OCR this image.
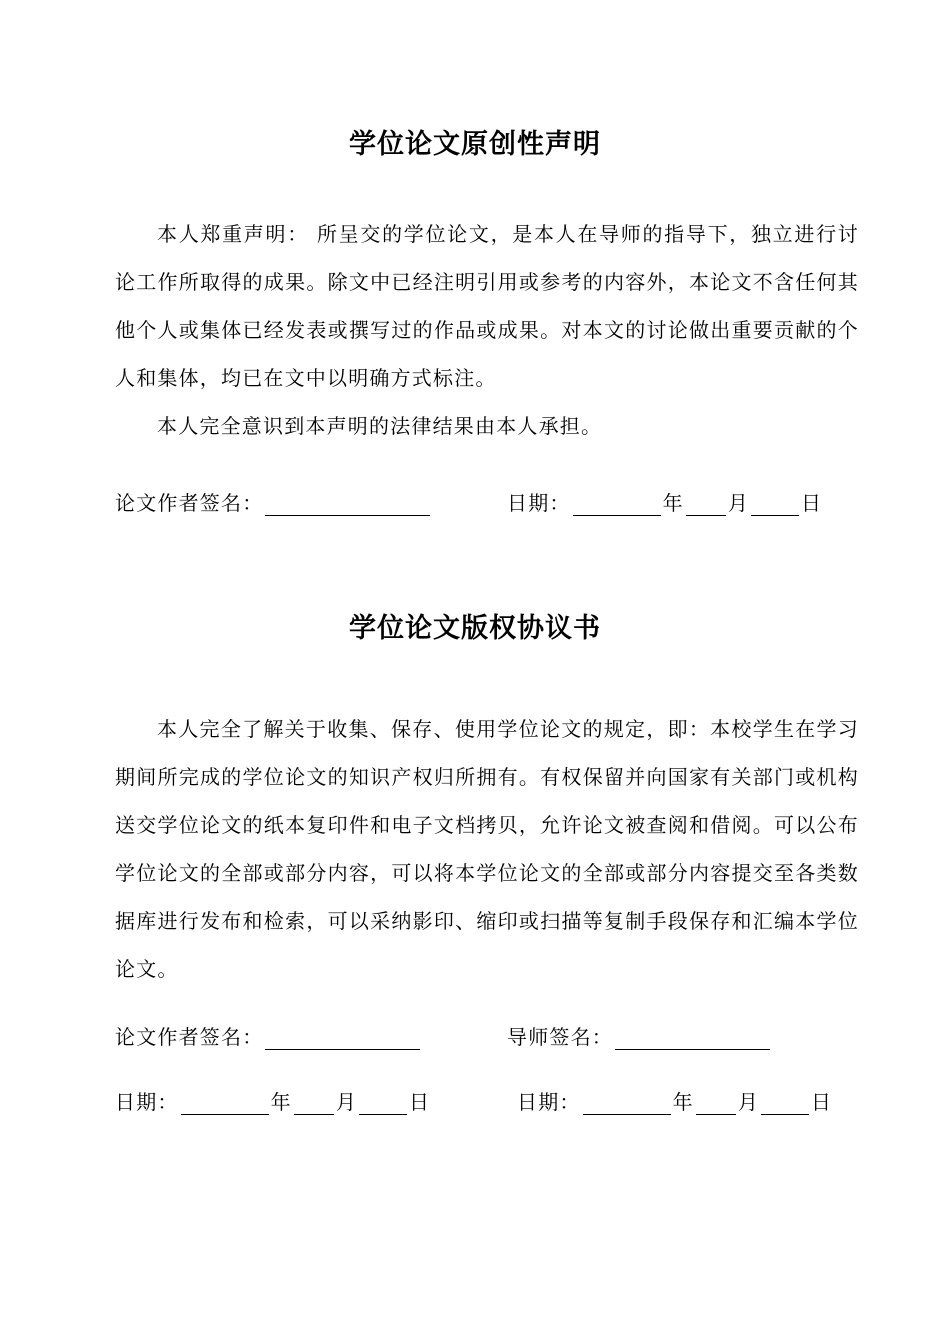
学位论文原创性声明

本人郑重声明： 所呈交的学位论文，是本人在导师的指导下，独立进行讨论工作所取得的成果。除文中已经注明引用或参考的内容外，本论文不含任何其他个人或集体已经发表或撰写过的作品或成果。对本文的讨论做出重要贡献的个人和集体，均已在文中以明确方式标注。

本人完全意识到本声明的法律结果由本人承担。

论文作者签名：	日期：	年 月	日
学位论文版权协议书

本人完全了解关于收集、保存、使用学位论文的规定，即：本校学生在学习期间所完成的学位论文的知识产权归所拥有。有权保留并向国家有关部门或机构送交学位论文的纸本复印件和电子文档拷贝，允许论文被查阅和借阅。可以公布学位论文的全部或部分内容，可以将本学位论文的全部或部分内容提交至各类数据库进行发布和检索，可以采纳影印、缩印或扫描等复制手段保存和汇编本学位论文。

论文作者签名：	导师签名：
日期：	年 月	日	日期：	年 月	日
